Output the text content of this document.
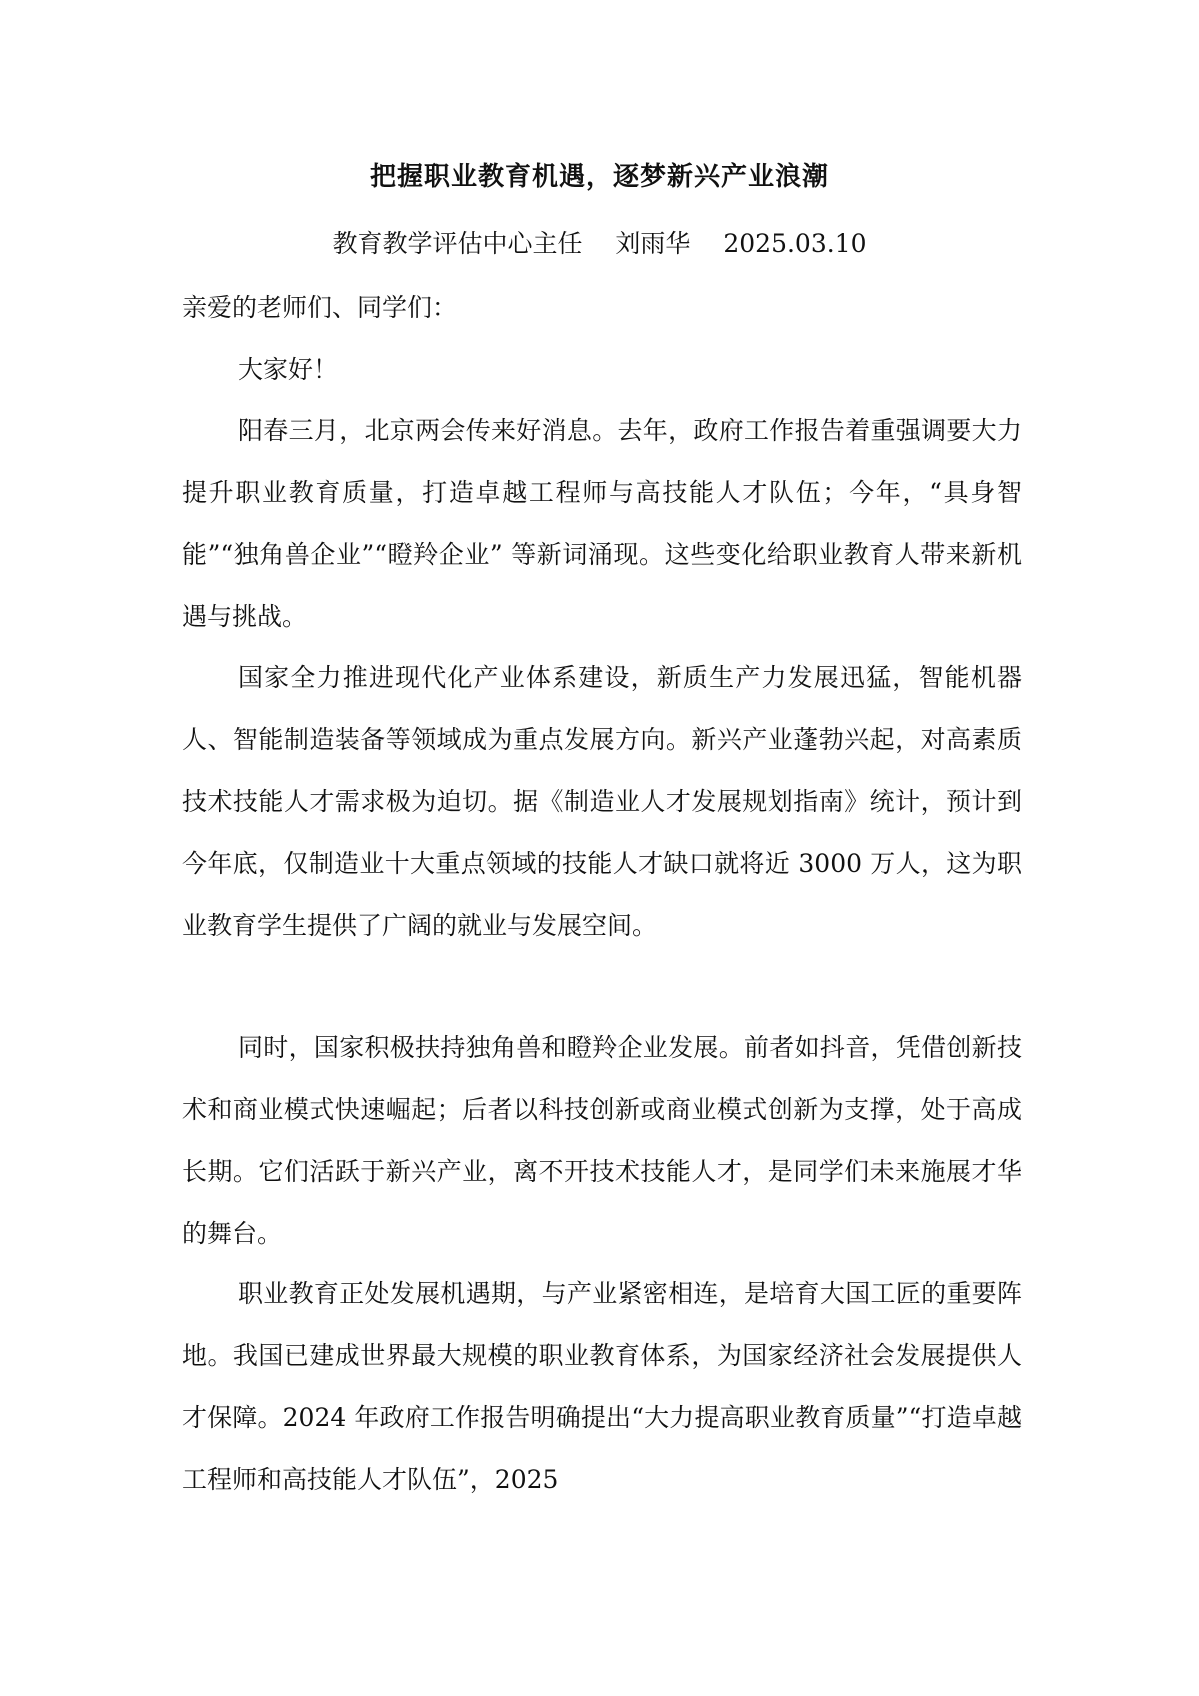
把握职业教育机遇，逐梦新兴产业浪潮
教育教学评估中心主任　 刘雨华　 2025.03.10
亲爱的老师们、同学们：
大家好！

阳春三月，北京两会传来好消息。去年，政府工作报告着重强调要大力提升职业教育质量，打造卓越工程师与高技能人才队伍；今年，“具身智能”“独角兽企业”“瞪羚企业” 等新词涌现。这些变化给职业教育人带来新机遇与挑战。

国家全力推进现代化产业体系建设，新质生产力发展迅猛，智能机器人、智能制造装备等领域成为重点发展方向。新兴产业蓬勃兴起，对高素质技术技能人才需求极为迫切。据《制造业人才发展规划指南》统计，预计到今年底，仅制造业十大重点领域的技能人才缺口就将近 3000 万人，这为职业教育学生提供了广阔的就业与发展空间。

同时，国家积极扶持独角兽和瞪羚企业发展。前者如抖音，凭借创新技术和商业模式快速崛起；后者以科技创新或商业模式创新为支撑，处于高成长期。它们活跃于新兴产业，离不开技术技能人才，是同学们未来施展才华的舞台。

职业教育正处发展机遇期，与产业紧密相连，是培育大国工匠的重要阵地。我国已建成世界最大规模的职业教育体系，为国家经济社会发展提供人才保障。2024 年政府工作报告明确提出“大力提高职业教育质量”“打造卓越工程师和高技能人才队伍”，2025
